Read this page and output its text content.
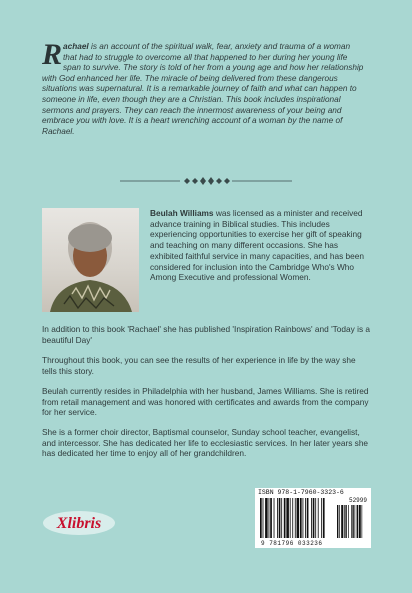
Rachael is an account of the spiritual walk, fear, anxiety and trauma of a woman that had to struggle to overcome all that happened to her during her young life span to survive. The story is told of her from a young age and how her relationship with God enhanced her life. The miracle of being delivered from these dangerous situations was supernatural. It is a remarkable journey of faith and what can happen to someone in life, even though they are a Christian. This book includes inspirational sermons and prayers. They can reach the innermost awareness of your being and embrace you with love. It is a heart wrenching account of a woman by the name of Rachael.
Beulah Williams was licensed as a minister and received advance training in Biblical studies. This includes experiencing opportunities to exercise her gift of speaking and teaching on many different occasions. She has exhibited faithful service in many capacities, and has been considered for inclusion into the Cambridge Who's Who Among Executive and professional Women.
In addition to this book 'Rachael' she has published 'Inspiration Rainbows' and 'Today is a beautiful Day'
Throughout this book, you can see the results of her experience in life by the way she tells this story.
Beulah currently resides in Philadelphia with her husband, James Williams. She is retired from retail management and was honored with certificates and awards from the company for her service.
She is a former choir director, Baptismal counselor, Sunday school teacher, evangelist, and intercessor. She has dedicated her life to ecclesiastic services. In her later years she has dedicated her time to enjoy all of her grandchildren.
Xlibris
ISBN 978-1-7960-3323-6
52999
9 781796 033236
